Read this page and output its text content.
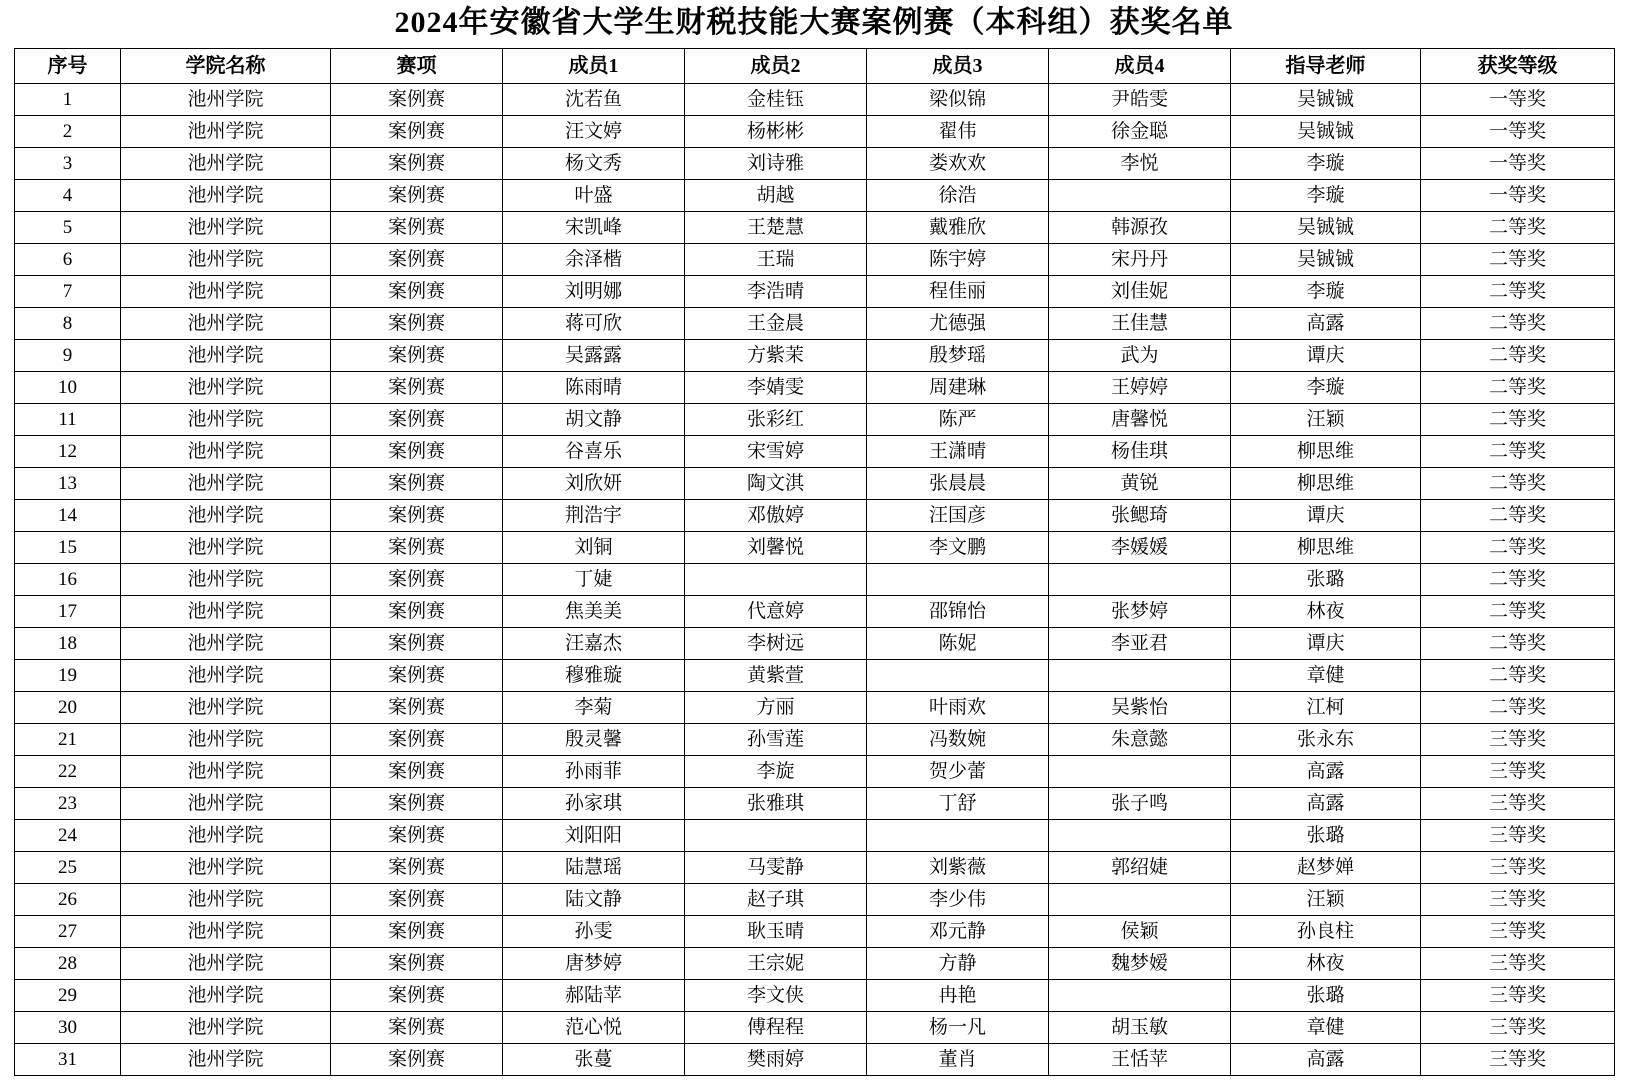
2024年安徽省大学生财税技能大赛案例赛（本科组）获奖名单
序号	学院名称	赛项	成员1	成员2	成员3	成员4	指导老师	获奖等级
1	池州学院	案例赛	沈若鱼	金桂钰	梁似锦	尹皓雯	吴铖铖	一等奖
2	池州学院	案例赛	汪文婷	杨彬彬	翟伟	徐金聪	吴铖铖	一等奖
3	池州学院	案例赛	杨文秀	刘诗雅	娄欢欢	李悦	李璇	一等奖
4	池州学院	案例赛	叶盛	胡越	徐浩		李璇	一等奖
5	池州学院	案例赛	宋凯峰	王楚慧	戴雅欣	韩源孜	吴铖铖	二等奖
6	池州学院	案例赛	余泽楷	王瑞	陈宇婷	宋丹丹	吴铖铖	二等奖
7	池州学院	案例赛	刘明娜	李浩晴	程佳丽	刘佳妮	李璇	二等奖
8	池州学院	案例赛	蒋可欣	王金晨	尤德强	王佳慧	高露	二等奖
9	池州学院	案例赛	吴露露	方紫茉	殷梦瑶	武为	谭庆	二等奖
10	池州学院	案例赛	陈雨晴	李婧雯	周建琳	王婷婷	李璇	二等奖
11	池州学院	案例赛	胡文静	张彩红	陈严	唐馨悦	汪颖	二等奖
12	池州学院	案例赛	谷喜乐	宋雪婷	王潇晴	杨佳琪	柳思维	二等奖
13	池州学院	案例赛	刘欣妍	陶文淇	张晨晨	黄锐	柳思维	二等奖
14	池州学院	案例赛	荆浩宇	邓傲婷	汪国彦	张鳃琦	谭庆	二等奖
15	池州学院	案例赛	刘铜	刘馨悦	李文鹏	李媛媛	柳思维	二等奖
16	池州学院	案例赛	丁婕				张璐	二等奖
17	池州学院	案例赛	焦美美	代意婷	邵锦怡	张梦婷	林夜	二等奖
18	池州学院	案例赛	汪嘉杰	李树远	陈妮	李亚君	谭庆	二等奖
19	池州学院	案例赛	穆雅璇	黄紫萱			章健	二等奖
20	池州学院	案例赛	李菊	方丽	叶雨欢	吴紫怡	江柯	二等奖
21	池州学院	案例赛	殷灵馨	孙雪莲	冯数婉	朱意懿	张永东	三等奖
22	池州学院	案例赛	孙雨菲	李旋	贺少蕾		高露	三等奖
23	池州学院	案例赛	孙家琪	张雅琪	丁舒	张子鸣	高露	三等奖
24	池州学院	案例赛	刘阳阳				张璐	三等奖
25	池州学院	案例赛	陆慧瑶	马雯静	刘紫薇	郭绍婕	赵梦婵	三等奖
26	池州学院	案例赛	陆文静	赵子琪	李少伟		汪颖	三等奖
27	池州学院	案例赛	孙雯	耿玉晴	邓元静	侯颖	孙良柱	三等奖
28	池州学院	案例赛	唐梦婷	王宗妮	方静	魏梦嫒	林夜	三等奖
29	池州学院	案例赛	郝陆苹	李文侠	冉艳		张璐	三等奖
30	池州学院	案例赛	范心悦	傅程程	杨一凡	胡玉敏	章健	三等奖
31	池州学院	案例赛	张蔓	樊雨婷	董肖	王恬苹	高露	三等奖
